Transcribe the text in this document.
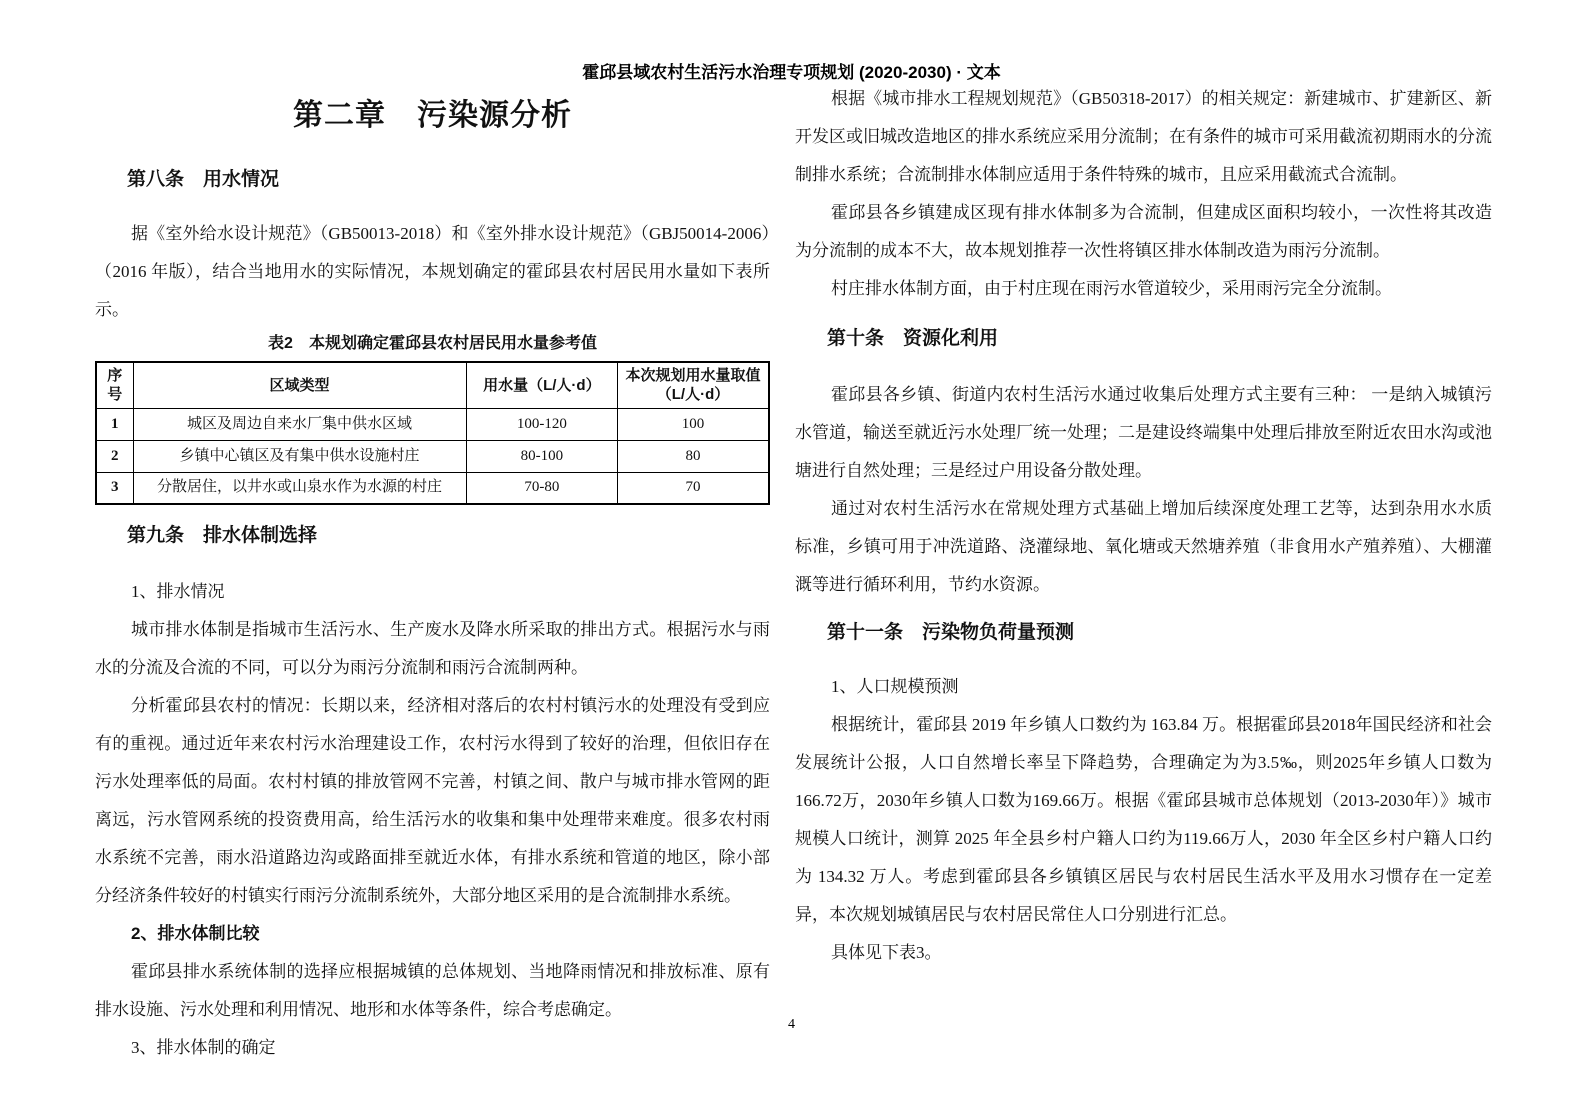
霍邱县域农村生活污水治理专项规划 (2020-2030) · 文本
第二章　污染源分析
第八条　用水情况

据《室外给水设计规范》（GB50013-2018）和《室外排水设计规范》（GBJ50014-2006）（2016 年版），结合当地用水的实际情况，本规划确定的霍邱县农村居民用水量如下表所示。

表2　本规划确定霍邱县农村居民用水量参考值
序号	区域类型	用水量（L/人·d）	本次规划用水量取值（L/人·d）
1	城区及周边自来水厂集中供水区域	100-120	100
2	乡镇中心镇区及有集中供水设施村庄	80-100	80
3	分散居住，以井水或山泉水作为水源的村庄	70-80	70
第九条　排水体制选择

1、排水情况

城市排水体制是指城市生活污水、生产废水及降水所采取的排出方式。根据污水与雨水的分流及合流的不同，可以分为雨污分流制和雨污合流制两种。

分析霍邱县农村的情况：长期以来，经济相对落后的农村村镇污水的处理没有受到应有的重视。通过近年来农村污水治理建设工作，农村污水得到了较好的治理，但依旧存在污水处理率低的局面。农村村镇的排放管网不完善，村镇之间、散户与城市排水管网的距离远，污水管网系统的投资费用高，给生活污水的收集和集中处理带来难度。很多农村雨水系统不完善，雨水沿道路边沟或路面排至就近水体，有排水系统和管道的地区，除小部分经济条件较好的村镇实行雨污分流制系统外，大部分地区采用的是合流制排水系统。

2、排水体制比较

霍邱县排水系统体制的选择应根据城镇的总体规划、当地降雨情况和排放标准、原有排水设施、污水处理和利用情况、地形和水体等条件，综合考虑确定。

3、排水体制的确定

根据《城市排水工程规划规范》（GB50318-2017）的相关规定：新建城市、扩建新区、新开发区或旧城改造地区的排水系统应采用分流制；在有条件的城市可采用截流初期雨水的分流制排水系统；合流制排水体制应适用于条件特殊的城市，且应采用截流式合流制。

霍邱县各乡镇建成区现有排水体制多为合流制，但建成区面积均较小，一次性将其改造为分流制的成本不大，故本规划推荐一次性将镇区排水体制改造为雨污分流制。

村庄排水体制方面，由于村庄现在雨污水管道较少，采用雨污完全分流制。

第十条　资源化利用

霍邱县各乡镇、街道内农村生活污水通过收集后处理方式主要有三种： 一是纳入城镇污水管道，输送至就近污水处理厂统一处理；二是建设终端集中处理后排放至附近农田水沟或池塘进行自然处理；三是经过户用设备分散处理。

通过对农村生活污水在常规处理方式基础上增加后续深度处理工艺等，达到杂用水水质标准，乡镇可用于冲洗道路、浇灌绿地、氧化塘或天然塘养殖（非食用水产殖养殖）、大棚灌溉等进行循环利用，节约水资源。

第十一条　污染物负荷量预测

1、人口规模预测

根据统计，霍邱县 2019 年乡镇人口数约为 163.84 万。根据霍邱县2018年国民经济和社会发展统计公报，人口自然增长率呈下降趋势，合理确定为为3.5‰，则2025年乡镇人口数为166.72万，2030年乡镇人口数为169.66万。根据《霍邱县城市总体规划（2013-2030年）》城市规模人口统计，测算 2025 年全县乡村户籍人口约为119.66万人，2030 年全区乡村户籍人口约为 134.32 万人。考虑到霍邱县各乡镇镇区居民与农村居民生活水平及用水习惯存在一定差异，本次规划城镇居民与农村居民常住人口分别进行汇总。

具体见下表3。

4
